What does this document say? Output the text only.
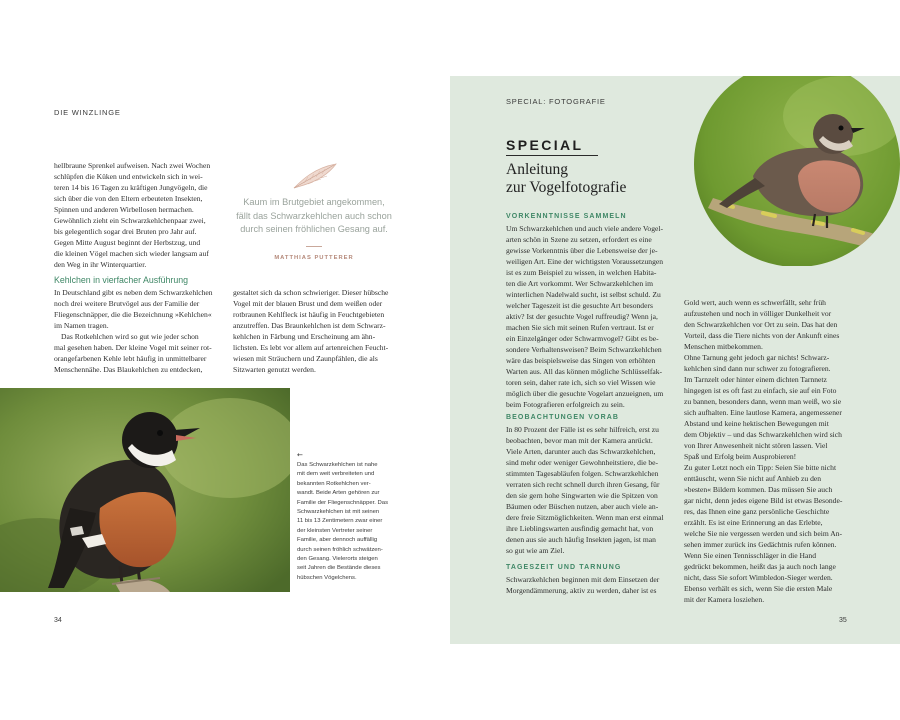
DIE WINZLINGE

hellbraune Sprenkel aufweisen. Nach zwei Wochen

schlüpfen die Küken und entwickeln sich in wei-

teren 14 bis 16 Tagen zu kräftigen Jungvögeln, die

sich über die von den Eltern erbeuteten Insekten,

Spinnen und anderen Wirbellosen hermachen.

Gewöhnlich zieht ein Schwarzkehlchenpaar zwei,

bis gelegentlich sogar drei Bruten pro Jahr auf.

Gegen Mitte August beginnt der Herbstzug, und

die kleinen Vögel machen sich wieder langsam auf

den Weg in ihr Winterquartier.

Kehlchen in vierfacher Ausführung

In Deutschland gibt es neben dem Schwarzkehlchen

noch drei weitere Brutvögel aus der Familie der

Fliegenschnäpper, die die Bezeichnung »Kehlchen«

im Namen tragen.

Das Rotkehlchen wird so gut wie jeder schon

mal gesehen haben. Der kleine Vogel mit seiner rot-

orangefarbenen Kehle lebt häufig in unmittelbarer

Menschennähe. Das Blaukehlchen zu entdecken,

gestaltet sich da schon schwieriger. Dieser hübsche

Vogel mit der blauen Brust und dem weißen oder

rotbraunen Kehlfleck ist häufig in Feuchtgebieten

anzutreffen. Das Braunkehlchen ist dem Schwarz-

kehlchen in Färbung und Erscheinung am ähn-

lichsten. Es lebt vor allem auf artenreichen Feucht-

wiesen mit Sträuchern und Zaunpfählen, die als

Sitzwarten genutzt werden.

Kaum im Brutgebiet angekommen,
fällt das Schwarzkehlchen auch schon
durch seinen fröhlichen Gesang auf.
MATTHIAS PUTTERER
←
Das Schwarzkehlchen ist nahe
mit dem weit verbreiteten und
bekannten Rotkehlchen ver-
wandt. Beide Arten gehören zur
Familie der Fliegenschnäpper. Das
Schwarzkehlchen ist mit seinen
11 bis 13 Zentimetern zwar einer
der kleinsten Vertreter seiner
Familie, aber dennoch auffällig
durch seinen fröhlich schwätzen-
den Gesang. Vielerorts steigen
seit Jahren die Bestände dieses
hübschen Vögelchens.
34
SPECIAL: FOTOGRAFIE
SPECIAL
Anleitung
zur Vogelfotografie
VORKENNTNISSE SAMMELN

Um Schwarzkehlchen und auch viele andere Vogel-

arten schön in Szene zu setzen, erfordert es eine

gewisse Vorkenntnis über die Lebensweise der je-

weiligen Art. Eine der wichtigsten Voraussetzungen

ist es zum Beispiel zu wissen, in welchen Habita-

ten die Art vorkommt. Wer Schwarzkehlchen im

winterlichen Nadelwald sucht, ist selbst schuld. Zu

welcher Tageszeit ist die gesuchte Art besonders

aktiv? Ist der gesuchte Vogel ruffreudig? Wenn ja,

machen Sie sich mit seinen Rufen vertraut. Ist er

ein Einzelgänger oder Schwarmvogel? Gibt es be-

sondere Verhaltensweisen? Beim Schwarzkehlchen

wäre das beispielsweise das Singen von erhöhten

Warten aus. All das können mögliche Schlüsselfak-

toren sein, daher rate ich, sich so viel Wissen wie

möglich über die gesuchte Vogelart anzueignen, um

beim Fotografieren erfolgreich zu sein.

BEOBACHTUNGEN VORAB

In 80 Prozent der Fälle ist es sehr hilfreich, erst zu

beobachten, bevor man mit der Kamera anrückt.

Viele Arten, darunter auch das Schwarzkehlchen,

sind mehr oder weniger Gewohnheitstiere, die be-

stimmten Tagesabläufen folgen. Schwarzkehlchen

verraten sich recht schnell durch ihren Gesang, für

den sie gern hohe Singwarten wie die Spitzen von

Bäumen oder Büschen nutzen, aber auch viele an-

dere freie Sitzmöglichkeiten. Wenn man erst einmal

ihre Lieblingswarten ausfindig gemacht hat, von

denen aus sie auch häufig Insekten jagen, ist man

so gut wie am Ziel.

TAGESZEIT UND TARNUNG

Schwarzkehlchen beginnen mit dem Einsetzen der

Morgendämmerung, aktiv zu werden, daher ist es

Gold wert, auch wenn es schwerfällt, sehr früh

aufzustehen und noch in völliger Dunkelheit vor

den Schwarzkehlchen vor Ort zu sein. Das hat den

Vorteil, dass die Tiere nichts von der Ankunft eines

Menschen mitbekommen.

Ohne Tarnung geht jedoch gar nichts! Schwarz-

kehlchen sind dann nur schwer zu fotografieren.

Im Tarnzelt oder hinter einem dichten Tarnnetz

hingegen ist es oft fast zu einfach, sie auf ein Foto

zu bannen, besonders dann, wenn man weiß, wo sie

sich aufhalten. Eine lautlose Kamera, angemessener

Abstand und keine hektischen Bewegungen mit

dem Objektiv – und das Schwarzkehlchen wird sich

von Ihrer Anwesenheit nicht stören lassen. Viel

Spaß und Erfolg beim Ausprobieren!

Zu guter Letzt noch ein Tipp: Seien Sie bitte nicht

enttäuscht, wenn Sie nicht auf Anhieb zu den

»besten« Bildern kommen. Das müssen Sie auch

gar nicht, denn jedes eigene Bild ist etwas Besonde-

res, das Ihnen eine ganz persönliche Geschichte

erzählt. Es ist eine Erinnerung an das Erlebte,

welche Sie nie vergessen werden und sich beim An-

sehen immer zurück ins Gedächtnis rufen können.

Wenn Sie einen Tennisschläger in die Hand

gedrückt bekommen, heißt das ja auch noch lange

nicht, dass Sie sofort Wimbledon-Sieger werden.

Ebenso verhält es sich, wenn Sie die ersten Male

mit der Kamera losziehen.

35
